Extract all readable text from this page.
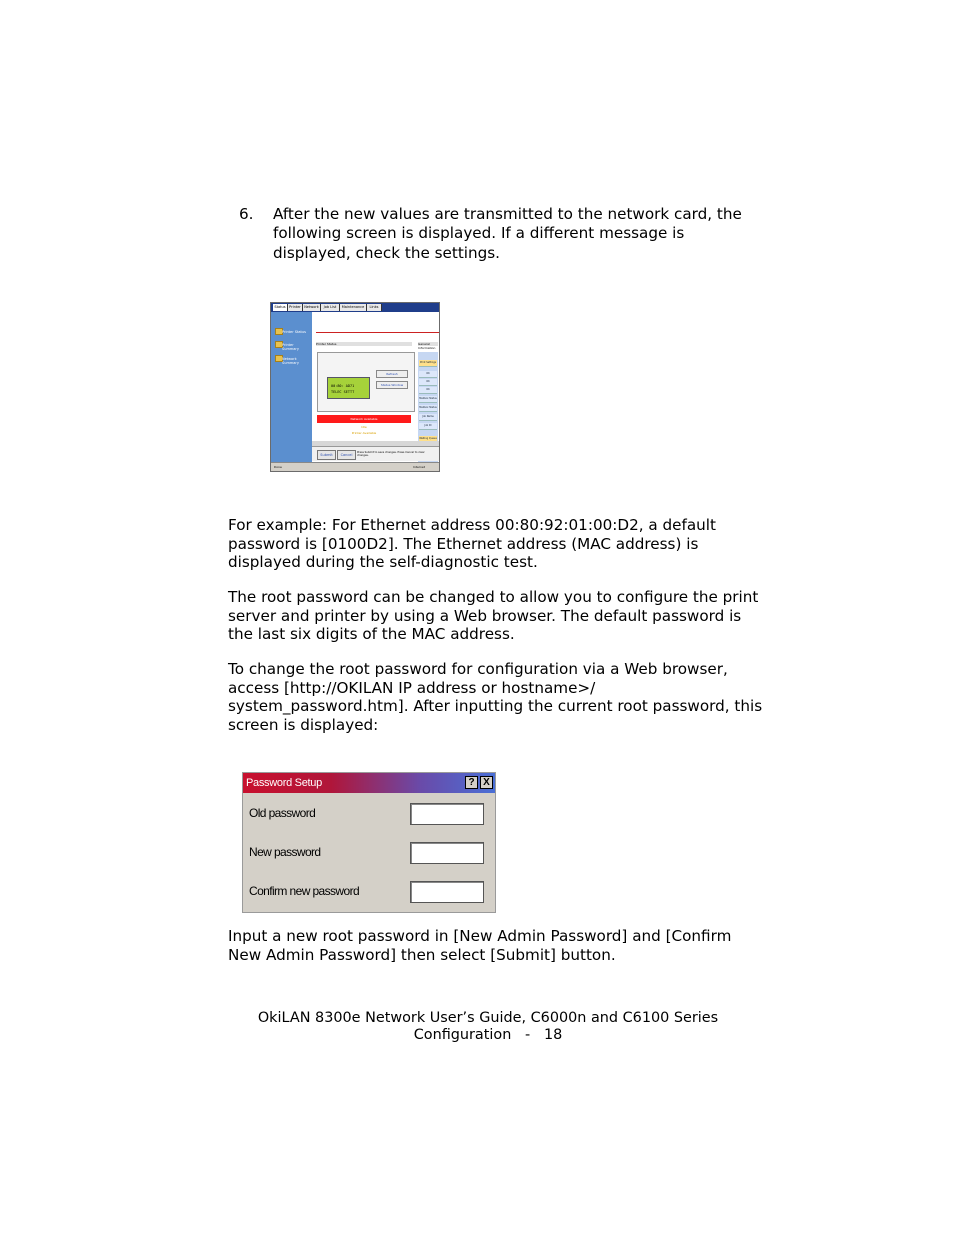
6. After the new values are transmitted to the network card, the following screen is displayed. If a different message is displayed, check the settings.
Status	Printer Network	Job List	Maintenance	Links
Printer Status
Printer Summary
Network Summary
Printer Status	General Information
00:80: AD71
TELEC SETTT
Refresh
Status Window
Network Available
Idle
Printer Available
Print Settings
OK
OK
OK
Mailbox Status
Mailbox Status
Job Name
Job ID
Waiting Queue
Submit	Cancel
Press Submit to save changes. Press Cancel to clear changes.
Done	Internet
For example: For Ethernet address 00:80:92:01:00:D2, a default password is [0100D2]. The Ethernet address (MAC address) is displayed during the self-diagnostic test.
The root password can be changed to allow you to configure the print server and printer by using a Web browser. The default password is the last six digits of the MAC address.
To change the root password for configuration via a Web browser, access [http://OKILAN IP address or hostname>/ system_password.htm]. After inputting the current root password, this screen is displayed:
Password Setup	? X
Old password
New password
Confirm new password
Input a new root password in [New Admin Password] and [Confirm New Admin Password] then select [Submit] button.
OkiLAN 8300e Network User’s Guide, C6000n and C6100 Series
Configuration   -   18
